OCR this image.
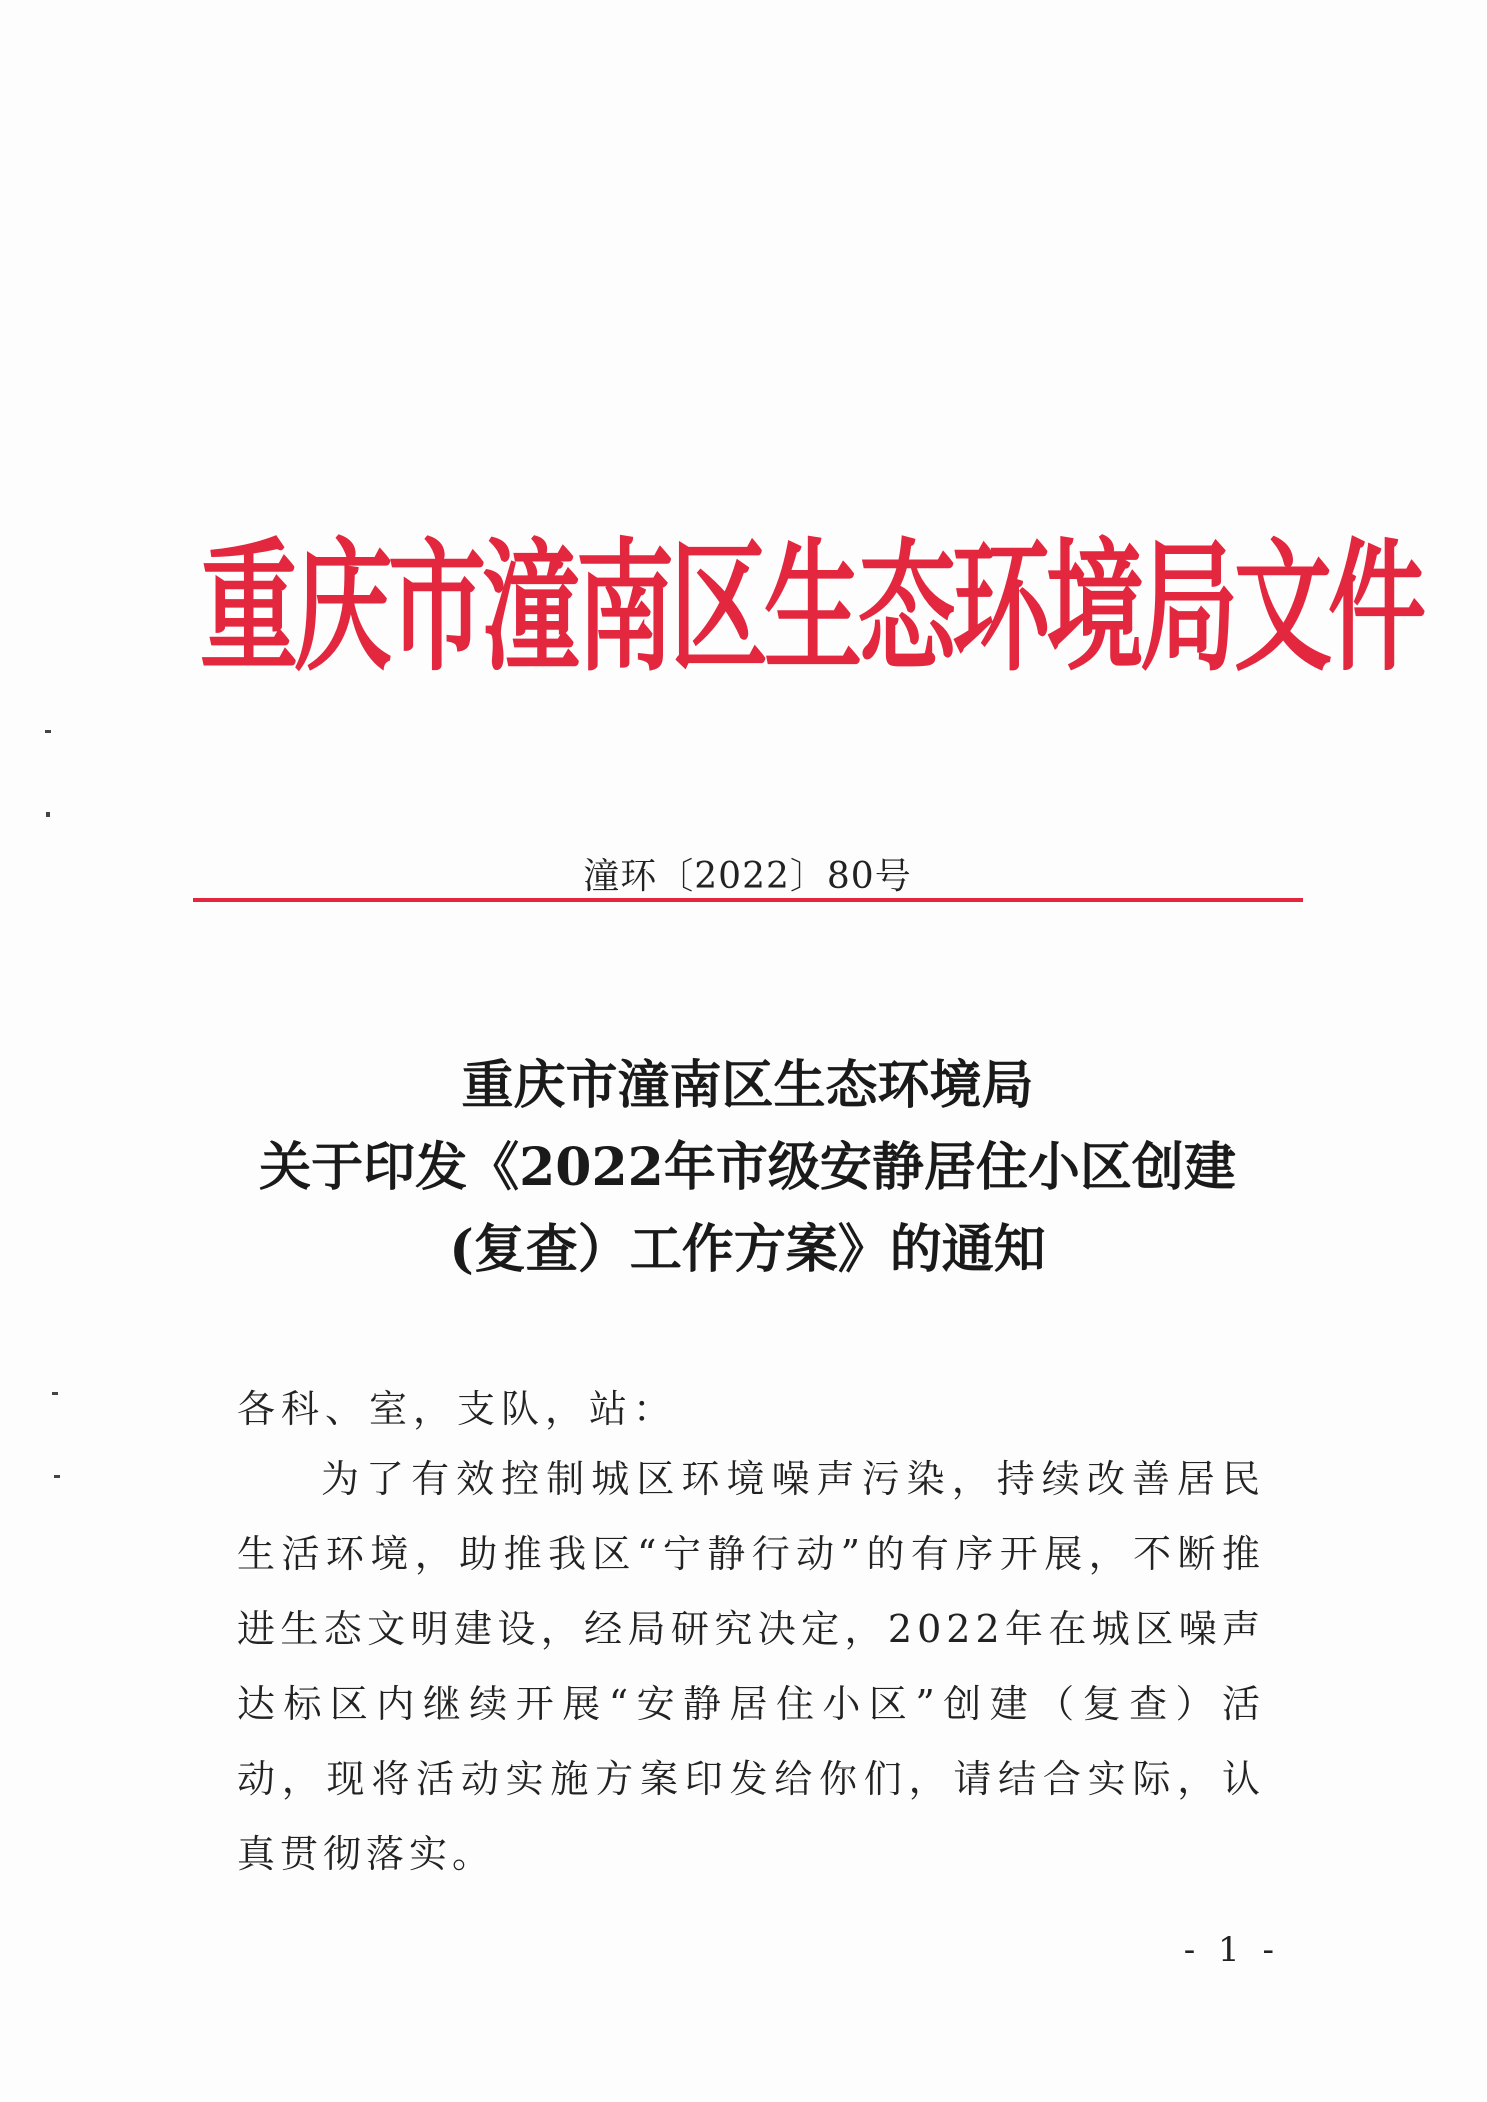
重庆市潼南区生态环境局文件
潼环〔2022〕80号
重庆市潼南区生态环境局
关于印发《2022年市级安静居住小区创建
(复查）工作方案》的通知
各科、室，支队，站：
为了有效控制城区环境噪声污染，持续改善居民生活环境，助推我区“宁静行动”的有序开展，不断推进生态文明建设，经局研究决定，2022年在城区噪声达标区内继续开展“安静居住小区”创建（复查）活动，现将活动实施方案印发给你们，请结合实际，认真贯彻落实。
- 1 -
